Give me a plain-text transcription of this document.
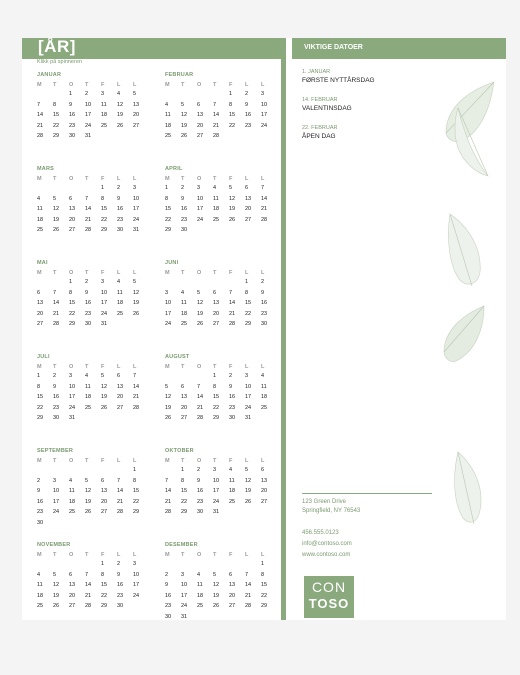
[ÅR]
Klikk på spinneren
VIKTIGE DATOER
JANUAR
M	T	O	T	F	L	L
		1	2	3	4	5
7	8	9	10	11	12	13
14	15	16	17	18	19	20
21	22	23	24	25	26	27
28	29	30	31			
FEBRUAR
M	T	O	T	F	L	L
				1	2	3
4	5	6	7	8	9	10
11	12	13	14	15	16	17
18	19	20	21	22	23	24
25	26	27	28			
MARS
M	T	O	T	F	L	L
				1	2	3
4	5	6	7	8	9	10
11	12	13	14	15	16	17
18	19	20	21	22	23	24
25	26	27	28	29	30	31
APRIL
M	T	O	T	F	L	L
1	2	3	4	5	6	7
8	9	10	11	12	13	14
15	16	17	18	19	20	21
22	23	24	25	26	27	28
29	30					
MAI
M	T	O	T	F	L	L
		1	2	3	4	5
6	7	8	9	10	11	12
13	14	15	16	17	18	19
20	21	22	23	24	25	26
27	28	29	30	31		
JUNI
M	T	O	T	F	L	L
					1	2
3	4	5	6	7	8	9
10	11	12	13	14	15	16
17	18	19	20	21	22	23
24	25	26	27	28	29	30
JULI
M	T	O	T	F	L	L
1	2	3	4	5	6	7
8	9	10	11	12	13	14
15	16	17	18	19	20	21
22	23	24	25	26	27	28
29	30	31				
AUGUST
M	T	O	T	F	L	L
			1	2	3	4
5	6	7	8	9	10	11
12	13	14	15	16	17	18
19	20	21	22	23	24	25
26	27	28	29	30	31	
SEPTEMBER
M	T	O	T	F	L	L
						1
2	3	4	5	6	7	8
9	10	11	12	13	14	15
16	17	18	19	20	21	22
23	24	25	26	27	28	29
30						
OKTOBER
M	T	O	T	F	L	L
	1	2	3	4	5	6
7	8	9	10	11	12	13
14	15	16	17	18	19	20
21	22	23	24	25	26	27
28	29	30	31			
NOVEMBER
M	T	O	T	F	L	L
				1	2	3
4	5	6	7	8	9	10
11	12	13	14	15	16	17
18	19	20	21	22	23	24
25	26	27	28	29	30	
DESEMBER
M	T	O	T	F	L	L
						1
2	3	4	5	6	7	8
9	10	11	12	13	14	15
16	17	18	19	20	21	22
23	24	25	26	27	28	29
30	31					
1. JANUAR
FØRSTE NYTTÅRSDAG
14. FEBRUAR
VALENTINSDAG
22. FEBRUAR
ÅPEN DAG
123 Green Drive
Springfield, NY 76543
456.555.0123
info@contoso.com
www.contoso.com
CON
TOSO
